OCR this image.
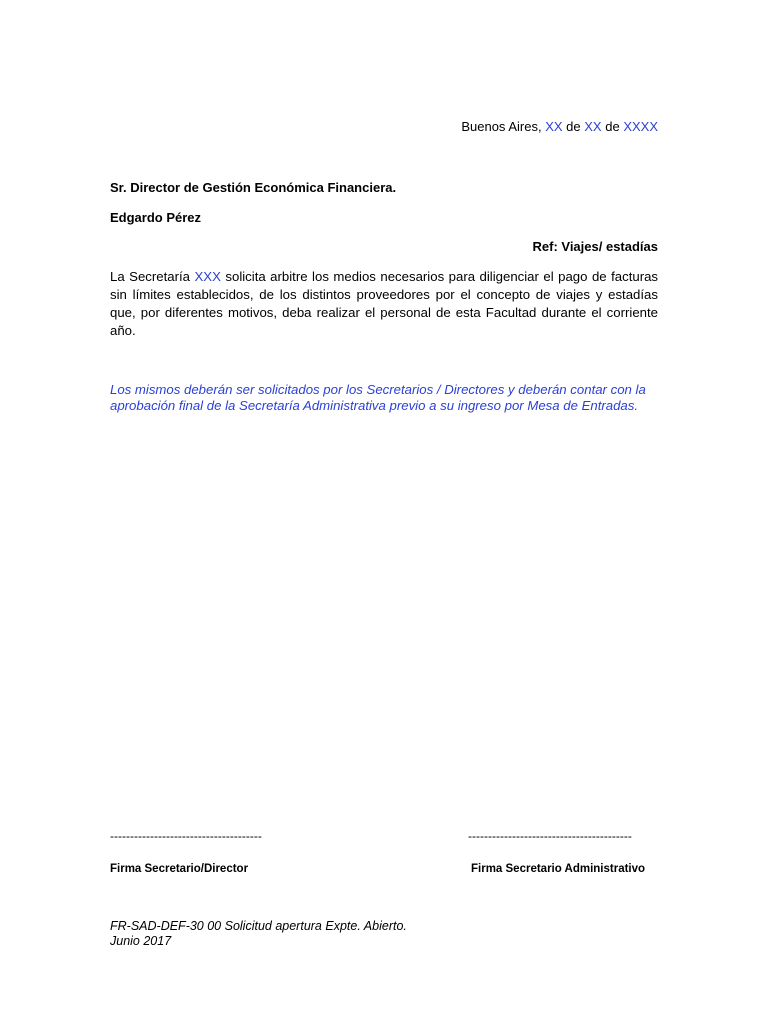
Buenos Aires, XX de XX de XXXX
Sr. Director de Gestión Económica Financiera.
Edgardo Pérez
Ref: Viajes/ estadías
La Secretaría XXX solicita arbitre los medios necesarios para diligenciar el pago de facturas sin límites establecidos, de los distintos proveedores por el concepto de viajes y estadías que, por diferentes motivos, deba realizar el personal de esta Facultad durante el corriente año.
Los mismos deberán ser solicitados por los Secretarios / Directores y deberán contar con la aprobación final de la Secretaría Administrativa previo a su ingreso por Mesa de Entradas.
--------------------------------------	-----------------------------------------
Firma Secretario/Director	Firma Secretario Administrativo
FR-SAD-DEF-30 00 Solicitud apertura Expte. Abierto.
Junio 2017
